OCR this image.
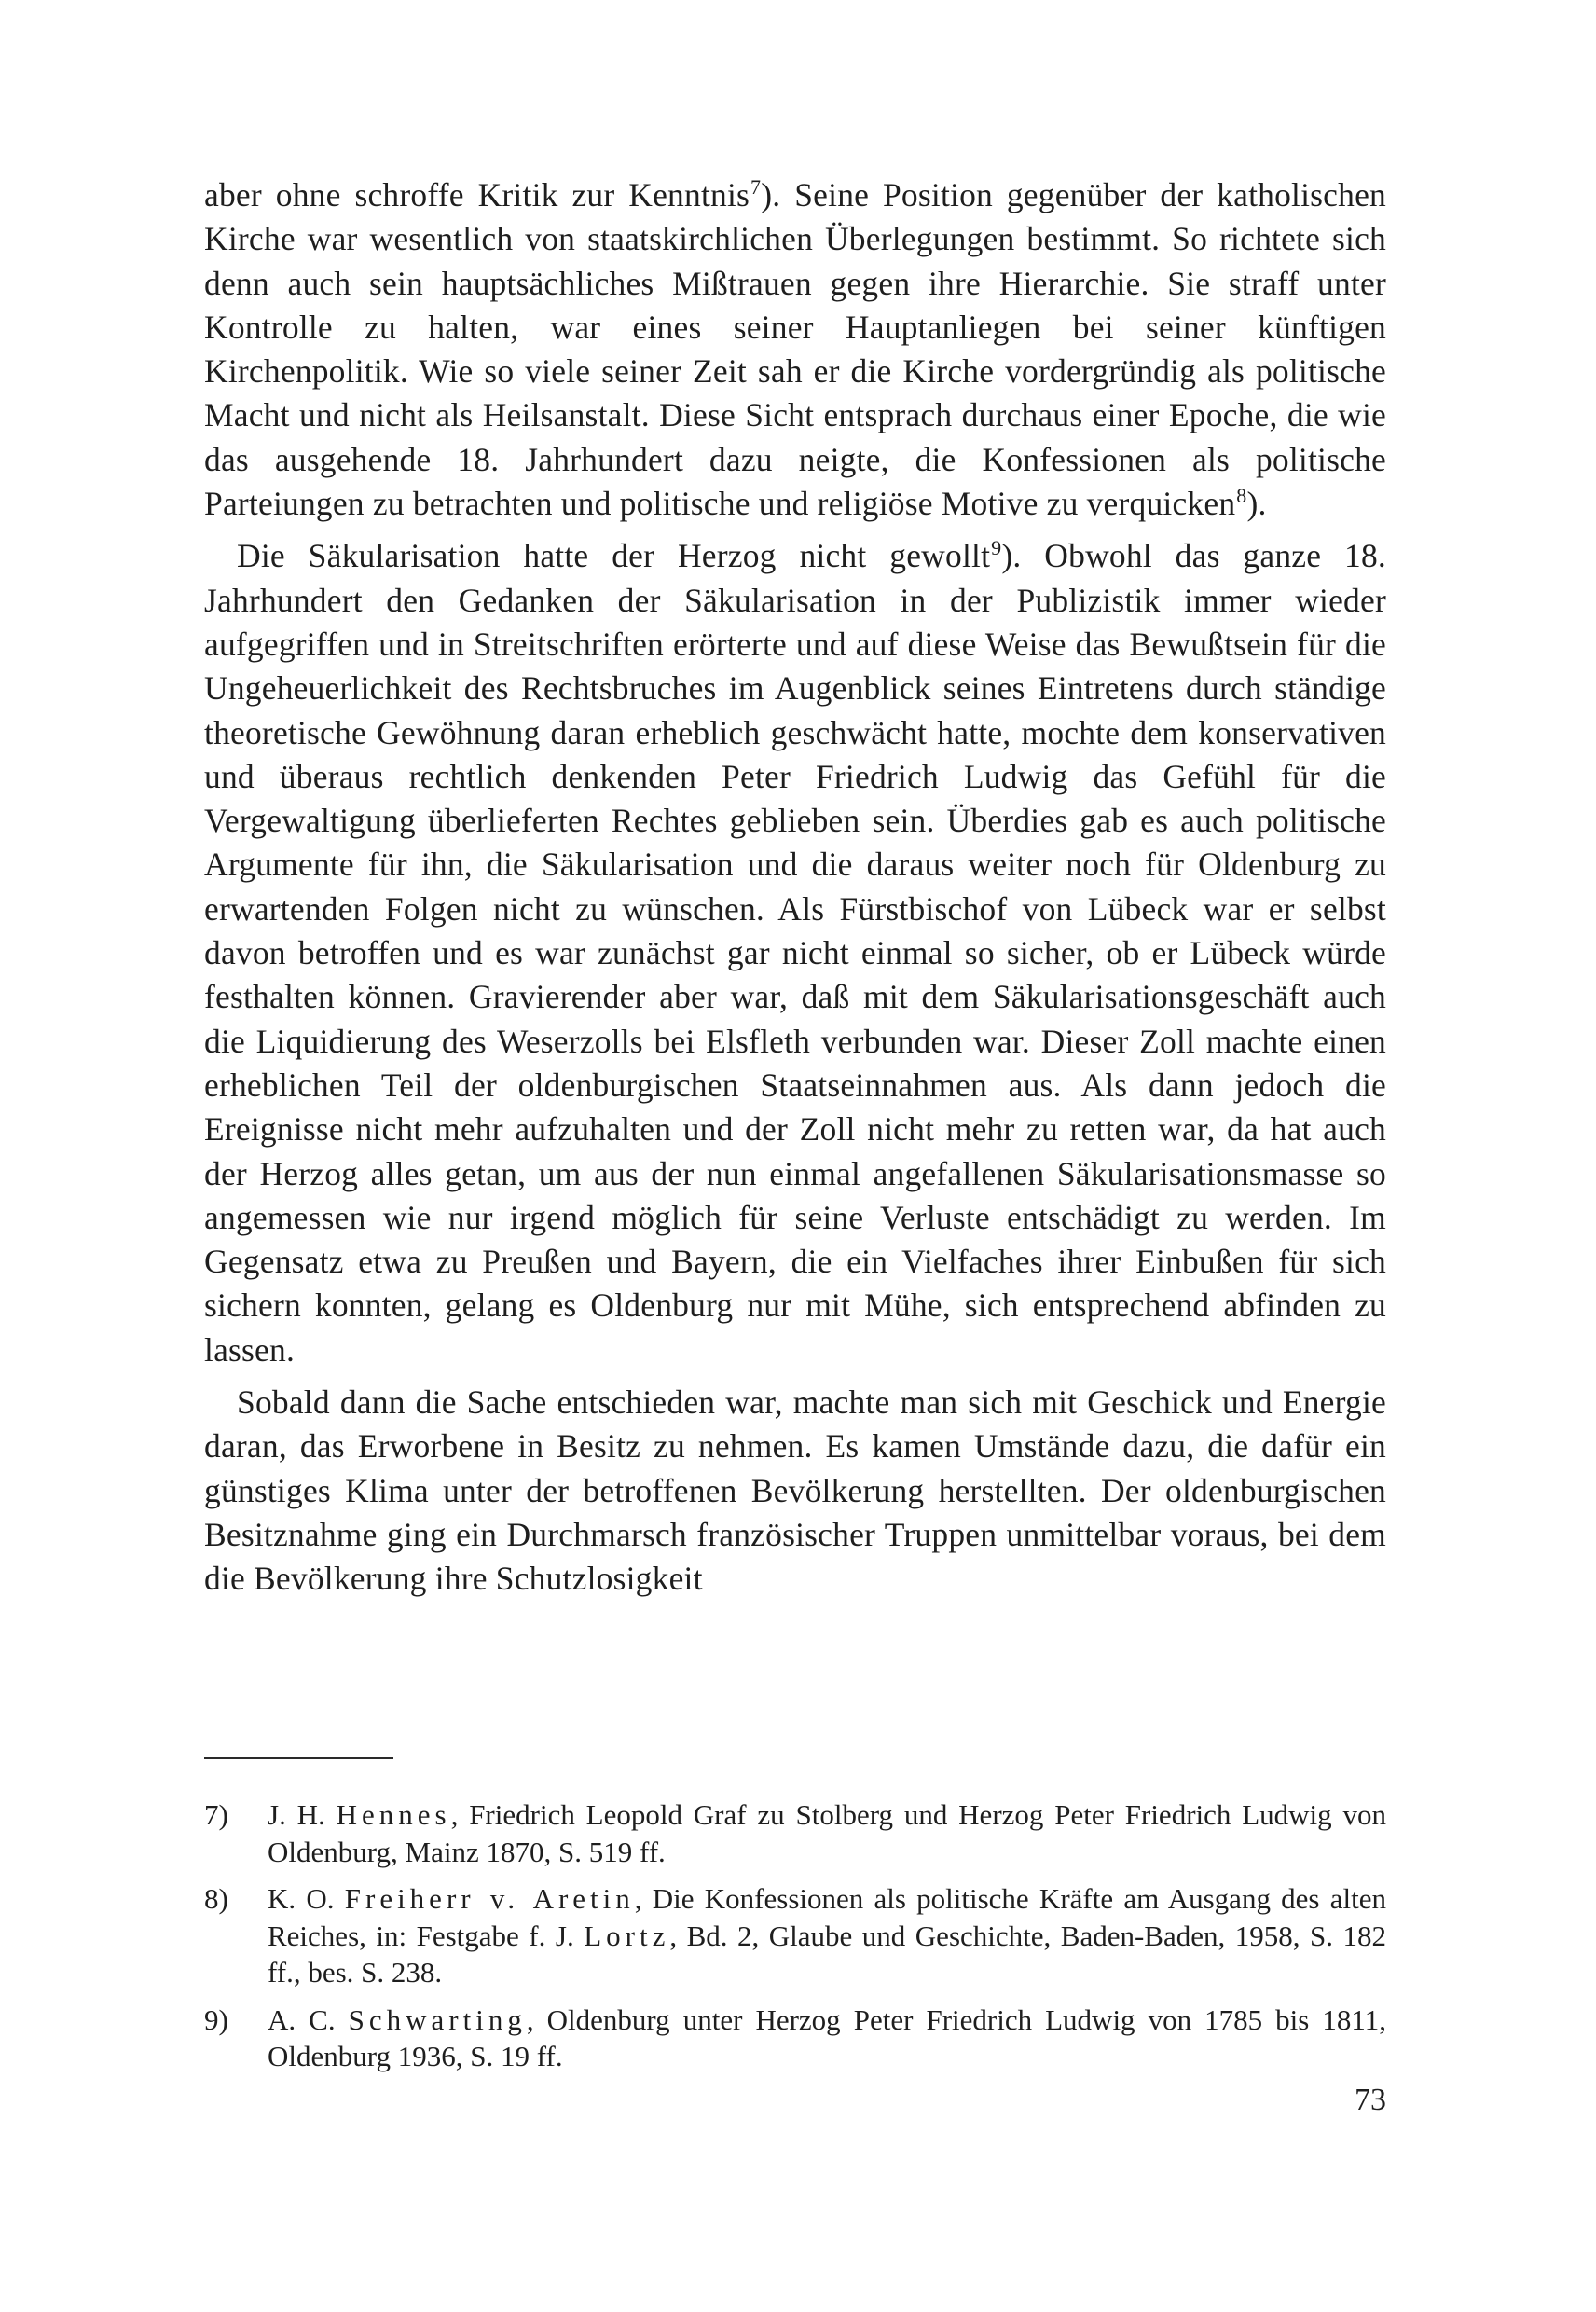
aber ohne schroffe Kritik zur Kenntnis$^7$). Seine Position gegenüber der katholischen Kirche war wesentlich von staatskirchlichen Überlegungen bestimmt. So richtete sich denn auch sein hauptsächliches Mißtrauen gegen ihre Hierarchie. Sie straff unter Kontrolle zu halten, war eines seiner Hauptanliegen bei seiner künftigen Kirchenpolitik. Wie so viele seiner Zeit sah er die Kirche vordergründig als politische Macht und nicht als Heilsanstalt. Diese Sicht entsprach durchaus einer Epoche, die wie das ausgehende 18. Jahrhundert dazu neigte, die Konfessionen als politische Parteiungen zu betrachten und politische und religiöse Motive zu verquicken$^8$).

Die Säkularisation hatte der Herzog nicht gewollt$^9$). Obwohl das ganze 18. Jahrhundert den Gedanken der Säkularisation in der Publizistik immer wieder aufgegriffen und in Streitschriften erörterte und auf diese Weise das Bewußtsein für die Ungeheuerlichkeit des Rechtsbruches im Augenblick seines Eintretens durch ständige theoretische Gewöhnung daran erheblich geschwächt hatte, mochte dem konservativen und überaus rechtlich denkenden Peter Friedrich Ludwig das Gefühl für die Vergewaltigung überlieferten Rechtes geblieben sein. Überdies gab es auch politische Argumente für ihn, die Säkularisation und die daraus weiter noch für Oldenburg zu erwartenden Folgen nicht zu wünschen. Als Fürstbischof von Lübeck war er selbst davon betroffen und es war zunächst gar nicht einmal so sicher, ob er Lübeck würde festhalten können. Gravierender aber war, daß mit dem Säkularisationsgeschäft auch die Liquidierung des Weserzolls bei Elsfleth verbunden war. Dieser Zoll machte einen erheblichen Teil der oldenburgischen Staatseinnahmen aus. Als dann jedoch die Ereignisse nicht mehr aufzuhalten und der Zoll nicht mehr zu retten war, da hat auch der Herzog alles getan, um aus der nun einmal angefallenen Säkularisationsmasse so angemessen wie nur irgend möglich für seine Verluste entschädigt zu werden. Im Gegensatz etwa zu Preußen und Bayern, die ein Vielfaches ihrer Einbußen für sich sichern konnten, gelang es Oldenburg nur mit Mühe, sich entsprechend abfinden zu lassen.

Sobald dann die Sache entschieden war, machte man sich mit Geschick und Energie daran, das Erworbene in Besitz zu nehmen. Es kamen Umstände dazu, die dafür ein günstiges Klima unter der betroffenen Bevölkerung herstellten. Der oldenburgischen Besitznahme ging ein Durchmarsch französischer Truppen unmittelbar voraus, bei dem die Bevölkerung ihre Schutzlosigkeit

7)	J. H. Hennes, Friedrich Leopold Graf zu Stolberg und Herzog Peter Friedrich Ludwig von Oldenburg, Mainz 1870, S. 519 ff.
8)	K. O. Freiherr v. Aretin, Die Konfessionen als politische Kräfte am Ausgang des alten Reiches, in: Festgabe f. J. Lortz, Bd. 2, Glaube und Geschichte, Baden-Baden, 1958, S. 182 ff., bes. S. 238.
9)	A. C. Schwarting, Oldenburg unter Herzog Peter Friedrich Ludwig von 1785 bis 1811, Oldenburg 1936, S. 19 ff.
73
